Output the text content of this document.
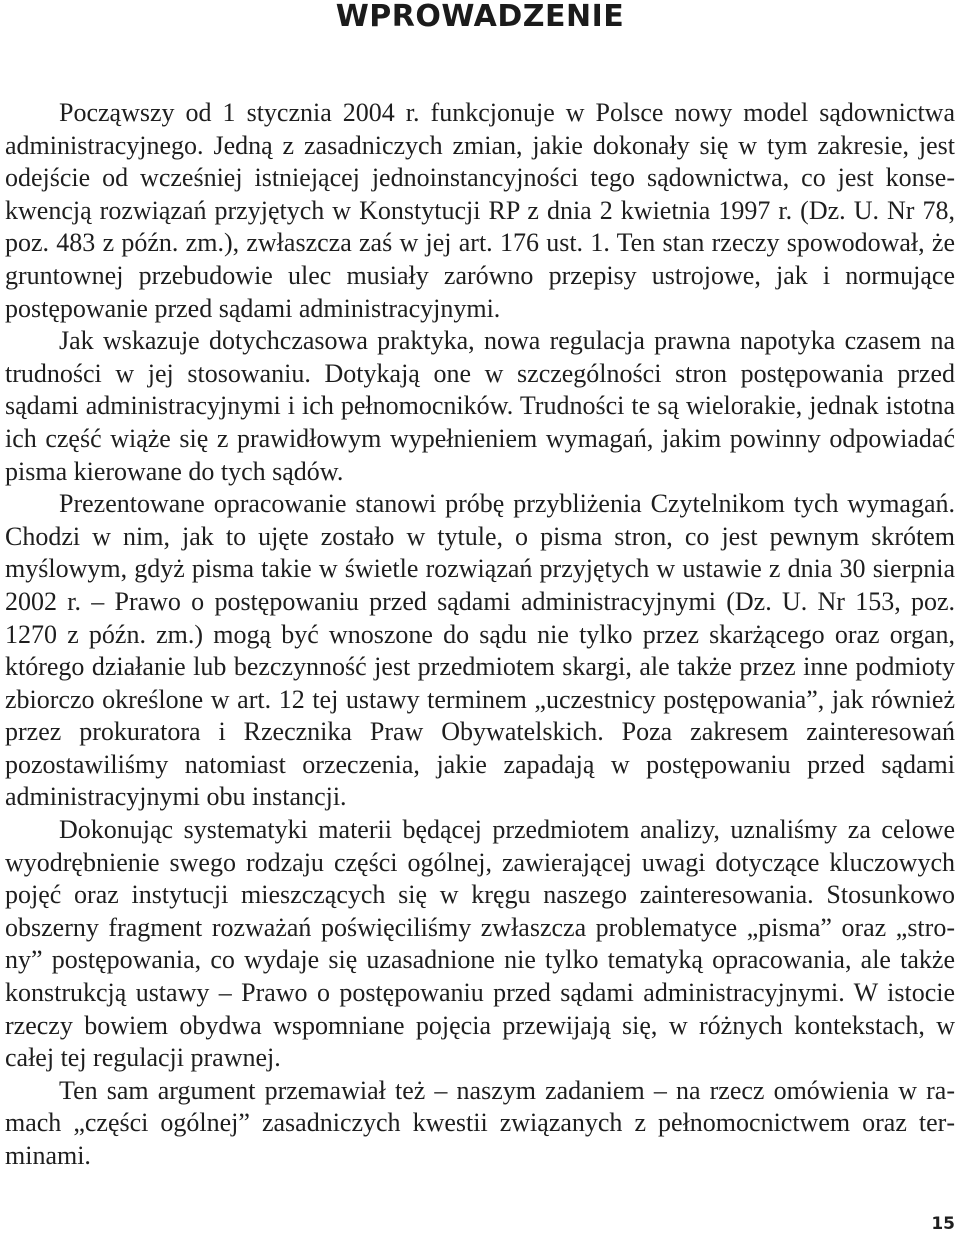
WPROWADZENIE

Począwszy od 1 stycznia 2004 r. funkcjonuje w Polsce nowy model sądownictwa administracyjnego. Jedną z zasadniczych zmian, jakie dokonały się w tym zakresie, jest odejście od wcześniej istniejącej jednoinstancyjności tego sądownictwa, co jest konsekwencją rozwiązań przyjętych w Konstytucji RP z dnia 2 kwietnia 1997 r. (Dz. U. Nr 78, poz. 483 z późn. zm.), zwłaszcza zaś w jej art. 176 ust. 1. Ten stan rzeczy spowodował, że gruntownej przebudowie ulec musiały zarówno przepisy ustrojowe, jak i normujące postępowanie przed sądami administracyjnymi.

Jak wskazuje dotychczasowa praktyka, nowa regulacja prawna napotyka czasem na trudności w jej stosowaniu. Dotykają one w szczególności stron postępowania przed sądami administracyjnymi i ich pełnomocników. Trudności te są wielorakie, jednak istotna ich część wiąże się z prawidłowym wypełnieniem wymagań, jakim powinny odpowiadać pisma kierowane do tych sądów.

Prezentowane opracowanie stanowi próbę przybliżenia Czytelnikom tych wymagań. Chodzi w nim, jak to ujęte zostało w tytule, o pisma stron, co jest pewnym skrótem myślowym, gdyż pisma takie w świetle rozwiązań przyjętych w ustawie z dnia 30 sierpnia 2002 r. – Prawo o postępowaniu przed sądami administracyjnymi (Dz. U. Nr 153, poz. 1270 z późn. zm.) mogą być wnoszone do sądu nie tylko przez skarżącego oraz organ, którego działanie lub bezczynność jest przedmiotem skargi, ale także przez inne podmioty zbiorczo określone w art. 12 tej ustawy terminem „uczestnicy postępowania”, jak również przez prokuratora i Rzecznika Praw Obywatelskich. Poza zakresem zainteresowań pozostawiliśmy natomiast orzeczenia, jakie zapadają w postępowaniu przed sądami administracyjnymi obu instancji.

Dokonując systematyki materii będącej przedmiotem analizy, uznaliśmy za celowe wyodrębnienie swego rodzaju części ogólnej, zawierającej uwagi dotyczące kluczowych pojęć oraz instytucji mieszczących się w kręgu naszego zainteresowania. Stosunkowo obszerny fragment rozważań poświęciliśmy zwłaszcza problematyce „pisma” oraz „strony” postępowania, co wydaje się uzasadnione nie tylko tematyką opracowania, ale także konstrukcją ustawy – Prawo o postępowaniu przed sądami administracyjnymi. W istocie rzeczy bowiem obydwa wspomniane pojęcia przewijają się, w różnych kontekstach, w całej tej regulacji prawnej.

Ten sam argument przemawiał też – naszym zadaniem – na rzecz omówienia w ramach „części ogólnej” zasadniczych kwestii związanych z pełnomocnictwem oraz terminami.

15
